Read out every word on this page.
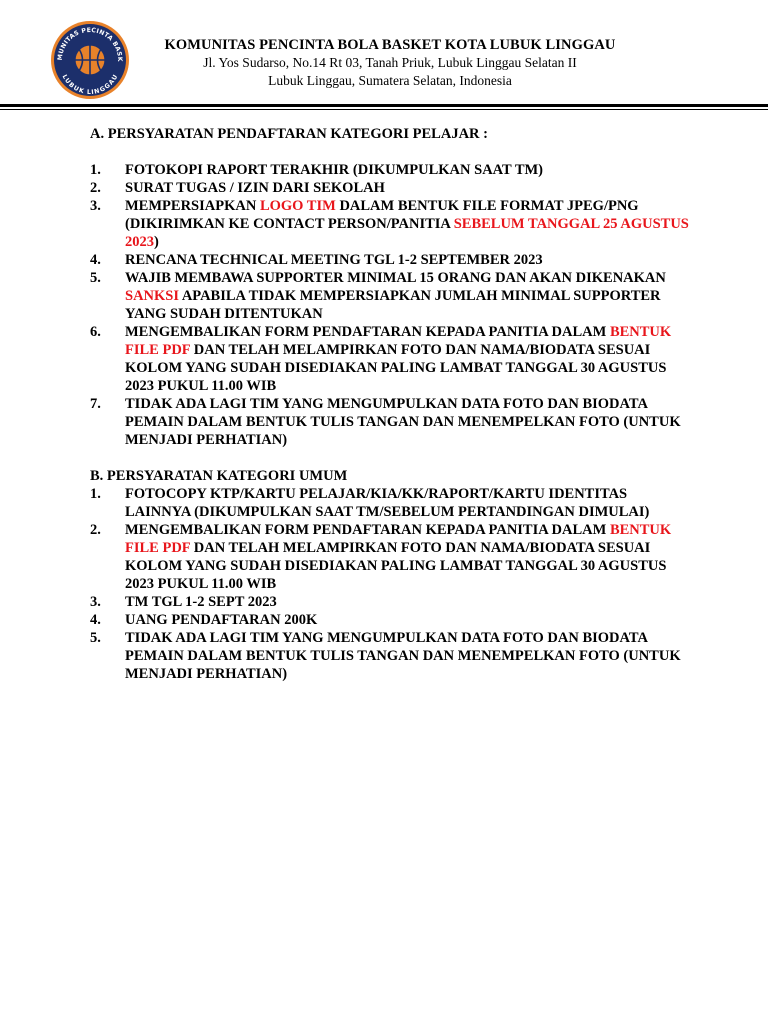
MUNITAS PECINTA BASK
LUBUK LINGGAU
KOMUNITAS PENCINTA BOLA BASKET KOTA LUBUK LINGGAU
Jl. Yos Sudarso, No.14 Rt 03, Tanah Priuk, Lubuk Linggau Selatan II
Lubuk Linggau, Sumatera Selatan, Indonesia
A. PERSYARATAN PENDAFTARAN KATEGORI PELAJAR :
1.	FOTOKOPI RAPORT TERAKHIR (DIKUMPULKAN SAAT TM)
2.	SURAT TUGAS / IZIN DARI SEKOLAH
3.	MEMPERSIAPKAN LOGO TIM DALAM BENTUK FILE FORMAT JPEG/PNG (DIKIRIMKAN KE CONTACT PERSON/PANITIA SEBELUM TANGGAL 25 AGUSTUS 2023)
4.	RENCANA TECHNICAL MEETING TGL 1-2 SEPTEMBER 2023
5.	WAJIB MEMBAWA SUPPORTER MINIMAL 15 ORANG DAN AKAN DIKENAKAN SANKSI APABILA TIDAK MEMPERSIAPKAN JUMLAH MINIMAL SUPPORTER YANG SUDAH DITENTUKAN
6.	MENGEMBALIKAN FORM PENDAFTARAN KEPADA PANITIA DALAM BENTUK FILE PDF DAN TELAH MELAMPIRKAN FOTO DAN NAMA/BIODATA SESUAI KOLOM YANG SUDAH DISEDIAKAN PALING LAMBAT TANGGAL 30 AGUSTUS 2023 PUKUL 11.00 WIB
7.	TIDAK ADA LAGI TIM YANG MENGUMPULKAN DATA FOTO DAN BIODATA PEMAIN DALAM BENTUK TULIS TANGAN DAN MENEMPELKAN FOTO (UNTUK MENJADI PERHATIAN)
B. PERSYARATAN KATEGORI UMUM
1.	FOTOCOPY KTP/KARTU PELAJAR/KIA/KK/RAPORT/KARTU IDENTITAS LAINNYA (DIKUMPULKAN SAAT TM/SEBELUM PERTANDINGAN DIMULAI)
2.	MENGEMBALIKAN FORM PENDAFTARAN KEPADA PANITIA DALAM BENTUK FILE PDF DAN TELAH MELAMPIRKAN FOTO DAN NAMA/BIODATA SESUAI KOLOM YANG SUDAH DISEDIAKAN PALING LAMBAT TANGGAL 30 AGUSTUS 2023 PUKUL 11.00 WIB
3.	TM TGL 1-2 SEPT 2023
4.	UANG PENDAFTARAN 200K
5.	TIDAK ADA LAGI TIM YANG MENGUMPULKAN DATA FOTO DAN BIODATA PEMAIN DALAM BENTUK TULIS TANGAN DAN MENEMPELKAN FOTO (UNTUK MENJADI PERHATIAN)
